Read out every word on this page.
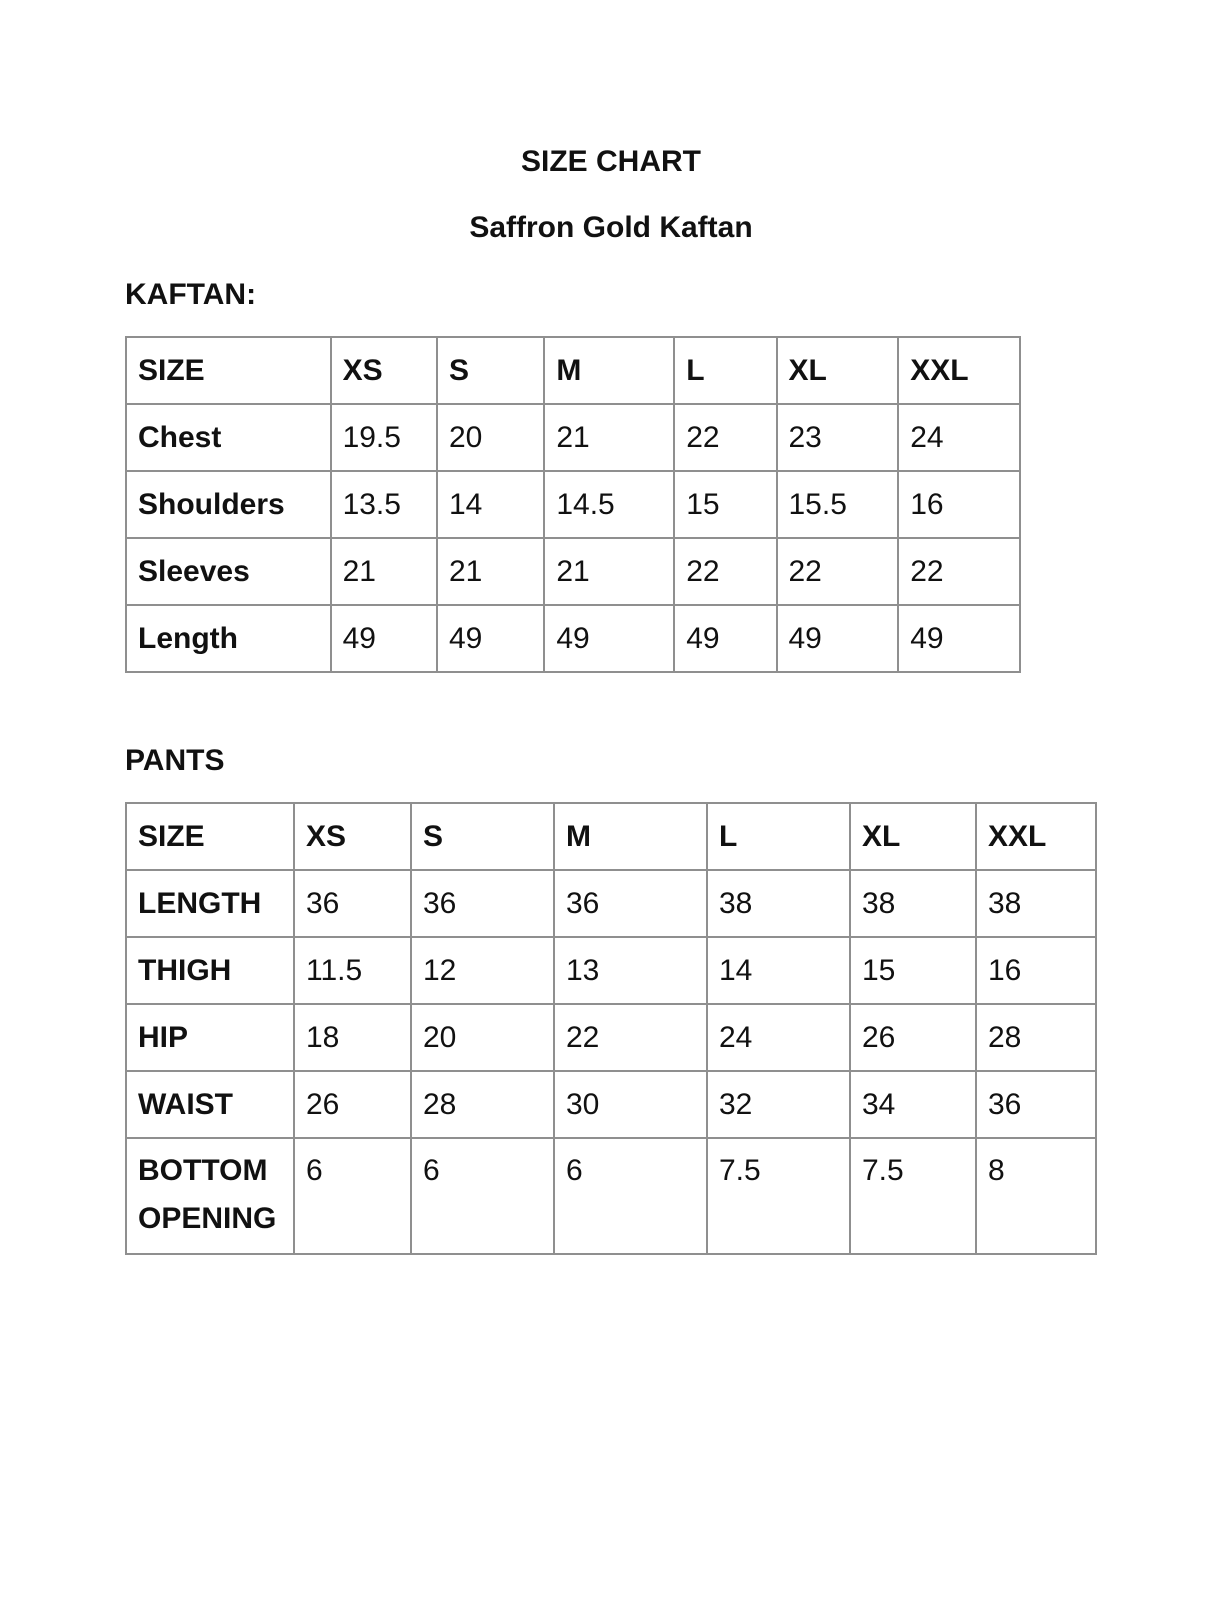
SIZE CHART
Saffron Gold Kaftan
KAFTAN:
SIZE	XS	S	M	L	XL	XXL
Chest	19.5	20	21	22	23	24
Shoulders	13.5	14	14.5	15	15.5	16
Sleeves	21	21	21	22	22	22
Length	49	49	49	49	49	49
PANTS
SIZE	XS	S	M	L	XL	XXL
LENGTH	36	36	36	38	38	38
THIGH	11.5	12	13	14	15	16
HIP	18	20	22	24	26	28
WAIST	26	28	30	32	34	36
BOTTOM OPENING	6	6	6	7.5	7.5	8
